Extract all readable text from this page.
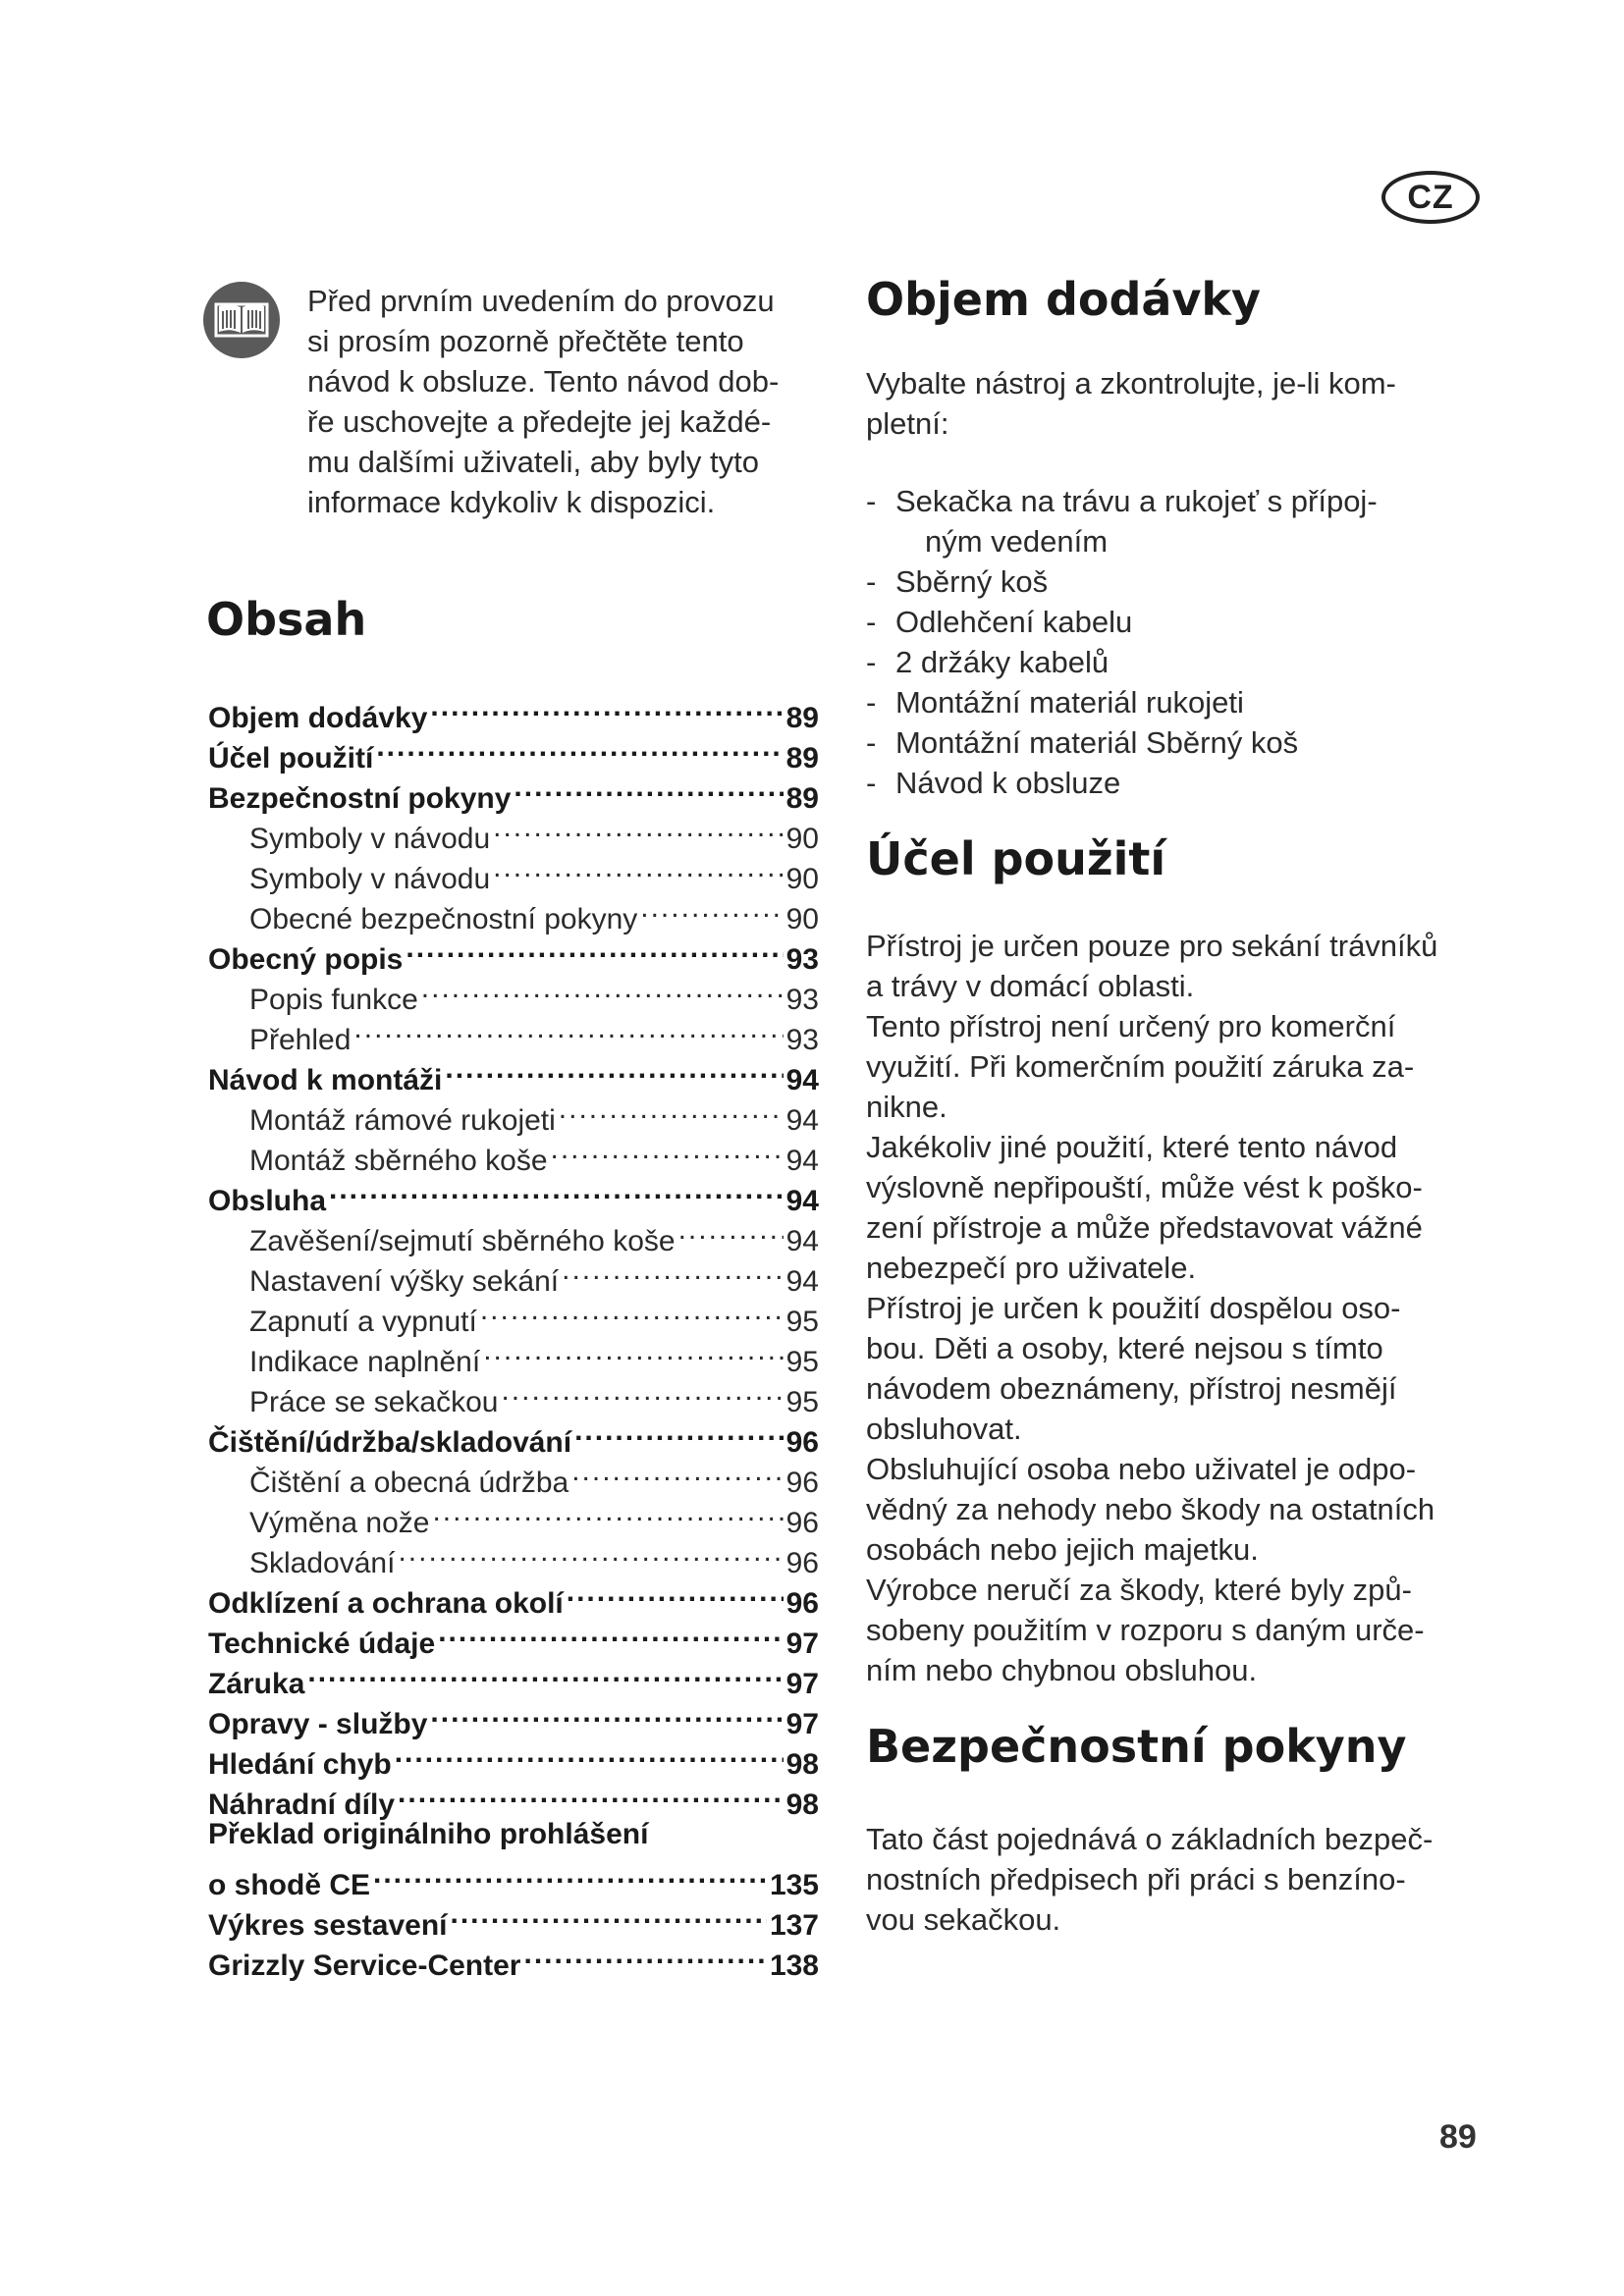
CZ

Před prvním uvedením do provozu
si prosím pozorně přečtěte tento
návod k obsluze. Tento návod dob-
ře uschovejte a předejte jej každé-
mu dalšími uživateli, aby byly tyto
informace kdykoliv k dispozici.

Obsah
Objem dodávky .....	89
Účel použití .....	89
Bezpečnostní pokyny .....	89
Symboly v návodu .....	90
Symboly v návodu .....	90
Obecné bezpečnostní pokyny .....	90
Obecný popis .....	93
Popis funkce .....	93
Přehled .....	93
Návod k montáži .....	94
Montáž rámové rukojeti .....	94
Montáž sběrného koše .....	94
Obsluha .....	94
Zavěšení/sejmutí sběrného koše .....	94
Nastavení výšky sekání .....	94
Zapnutí a vypnutí .....	95
Indikace naplnění .....	95
Práce se sekačkou .....	95
Čištění/údržba/skladování .....	96
Čištění a obecná údržba .....	96
Výměna nože .....	96
Skladování .....	96
Odklízení a ochrana okolí .....	96
Technické údaje .....	97
Záruka .....	97
Opravy - služby .....	97
Hledání chyb .....	98
Náhradní díly .....	98
Překlad originálniho prohlášení
o shodě CE .....	135
Výkres sestavení .....	137
Grizzly Service-Center .....	138
Objem dodávky

Vybalte nástroj a zkontrolujte, je-li kom-
pletní:

- Sekačka na trávu a rukojeť s přípoj-
ným vedením
- Sběrný koš
- Odlehčení kabelu
- 2 držáky kabelů
- Montážní materiál rukojeti
- Montážní materiál Sběrný koš
- Návod k obsluze
Účel použití

Přístroj je určen pouze pro sekání trávníků
a trávy v domácí oblasti.
Tento přístroj není určený pro komerční
využití. Při komerčním použití záruka za-
nikne.
Jakékoliv jiné použití, které tento návod
výslovně nepřipouští, může vést k poško-
zení přístroje a může představovat vážné
nebezpečí pro uživatele.
Přístroj je určen k použití dospělou oso-
bou. Děti a osoby, které nejsou s tímto
návodem obeznámeny, přístroj nesmějí
obsluhovat.
Obsluhující osoba nebo uživatel je odpo-
vědný za nehody nebo škody na ostatních
osobách nebo jejich majetku.
Výrobce neručí za škody, které byly způ-
sobeny použitím v rozporu s daným urče-
ním nebo chybnou obsluhou.

Bezpečnostní pokyny

Tato část pojednává o základních bezpeč-
nostních předpisech při práci s benzíno-
vou sekačkou.

89
